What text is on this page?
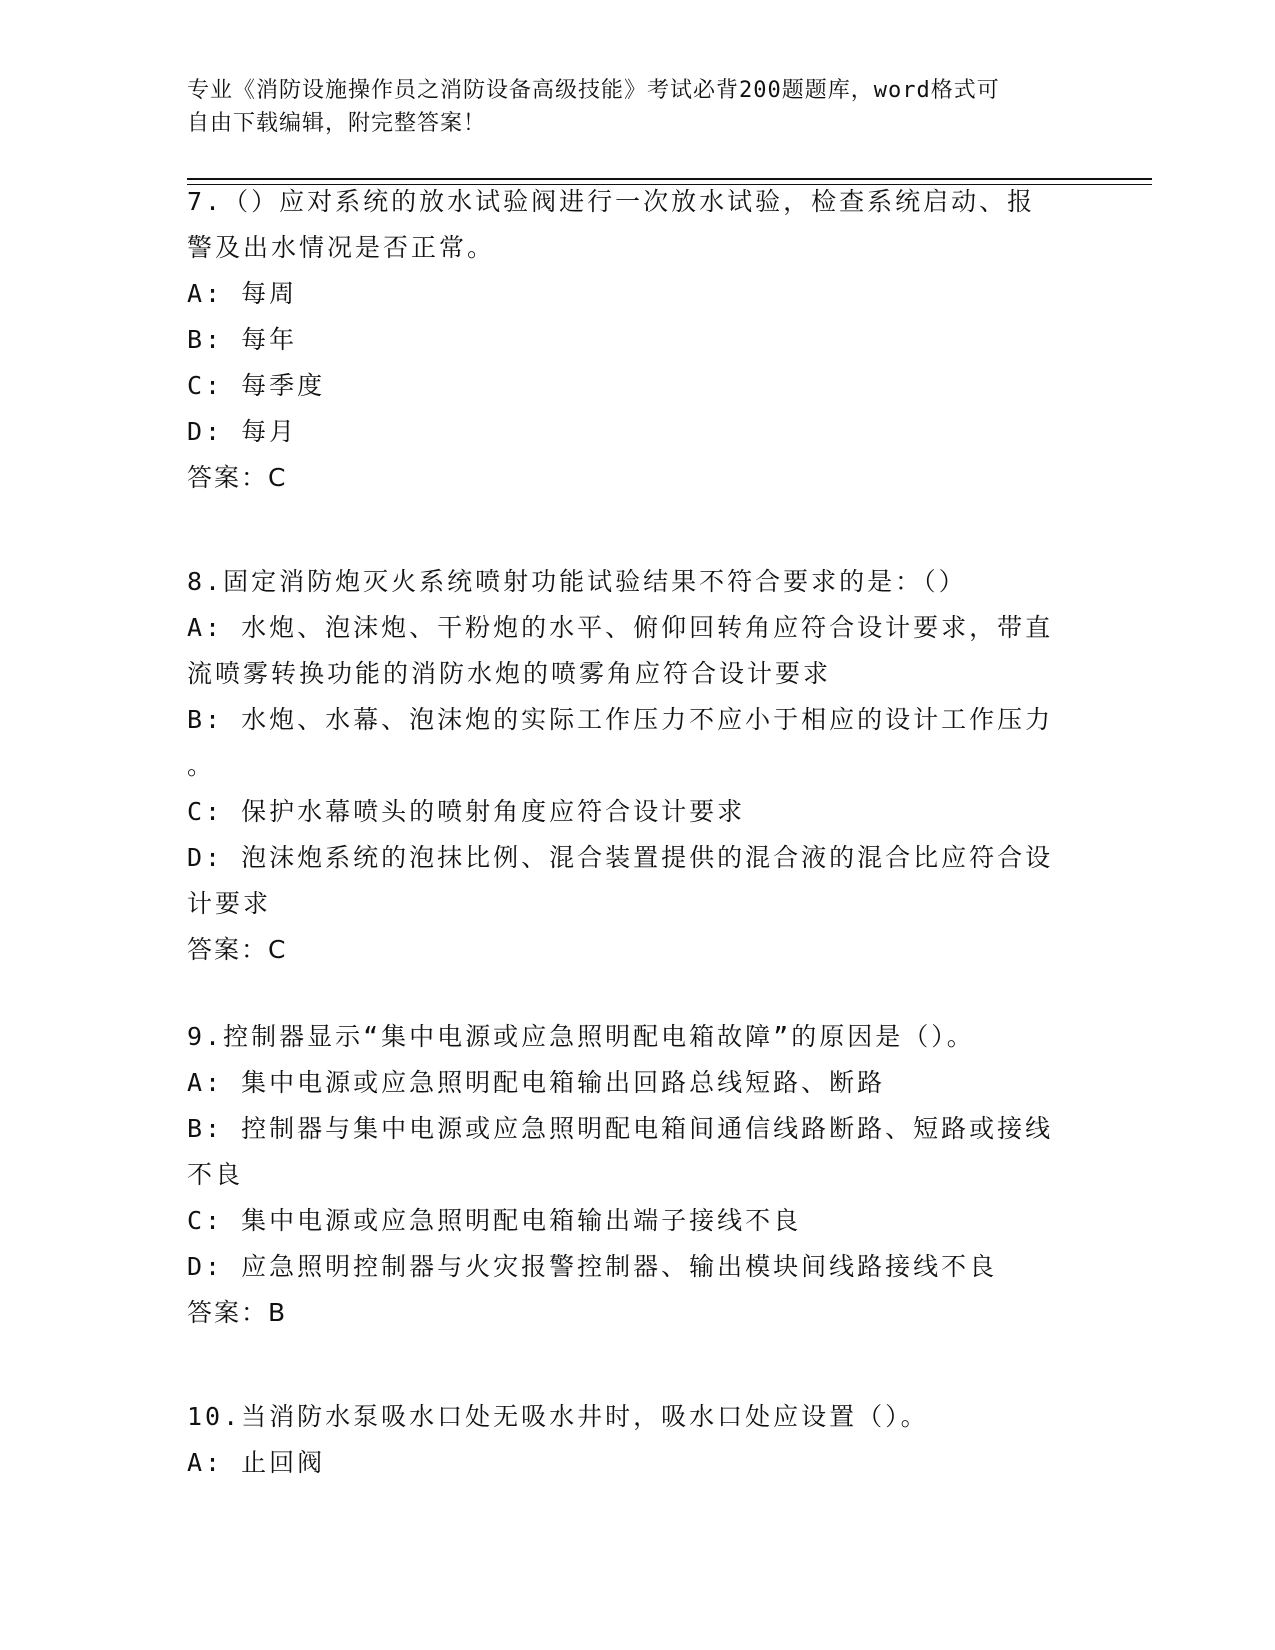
专业《消防设施操作员之消防设备高级技能》考试必背200题题库，word格式可
自由下载编辑，附完整答案！
7.（）应对系统的放水试验阀进行一次放水试验，检查系统启动、报
警及出水情况是否正常。
A: 每周
B: 每年
C: 每季度
D: 每月
答案：C
8.固定消防炮灭火系统喷射功能试验结果不符合要求的是：（）
A: 水炮、泡沫炮、干粉炮的水平、俯仰回转角应符合设计要求，带直
流喷雾转换功能的消防水炮的喷雾角应符合设计要求
B: 水炮、水幕、泡沫炮的实际工作压力不应小于相应的设计工作压力
。
C: 保护水幕喷头的喷射角度应符合设计要求
D: 泡沫炮系统的泡抹比例、混合装置提供的混合液的混合比应符合设
计要求
答案：C
9.控制器显示“集中电源或应急照明配电箱故障”的原因是（）。
A: 集中电源或应急照明配电箱输出回路总线短路、断路
B: 控制器与集中电源或应急照明配电箱间通信线路断路、短路或接线
不良
C: 集中电源或应急照明配电箱输出端子接线不良
D: 应急照明控制器与火灾报警控制器、输出模块间线路接线不良
答案：B
10.当消防水泵吸水口处无吸水井时，吸水口处应设置（）。
A: 止回阀
